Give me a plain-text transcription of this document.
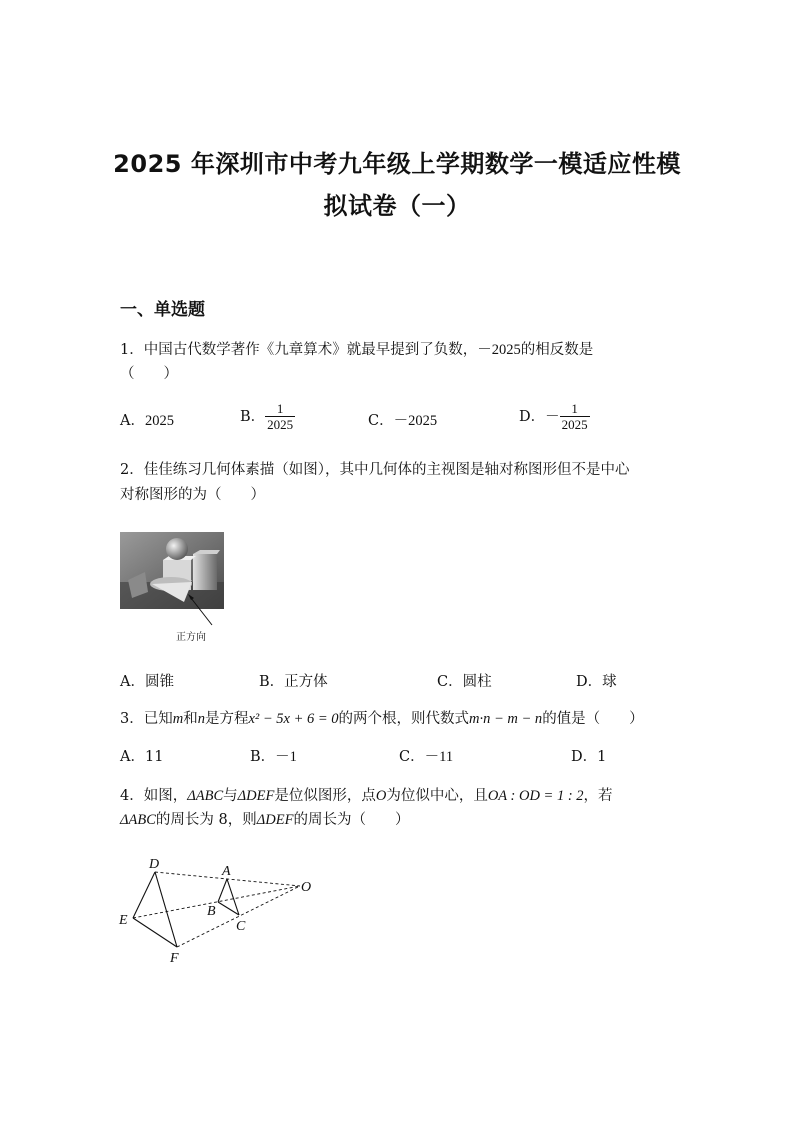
2025 年深圳市中考九年级上学期数学一模适应性模
拟试卷（一）
一、单选题
1．中国古代数学著作《九章算术》就最早提到了负数，－2025的相反数是
（　　）
A．2025	B． $\frac{1}{2025}$	C．－2025	D．－ $\frac{1}{2025}$
2．佳佳练习几何体素描（如图），其中几何体的主视图是轴对称图形但不是中心
对称图形的为（　　）
正方向
A．圆锥	B．正方体	C．圆柱	D．球
3．已知m和n是方程x² − 5x + 6 = 0的两个根，则代数式m·n − m − n的值是（　　）
A．11	B．－1	C．－11	D．1
4．如图，ΔABC与ΔDEF是位似图形，点O为位似中心，且OA : OD = 1 : 2，若
ΔABC的周长为 8，则ΔDEF的周长为（　　）
D
E
F
A
B
C
O
